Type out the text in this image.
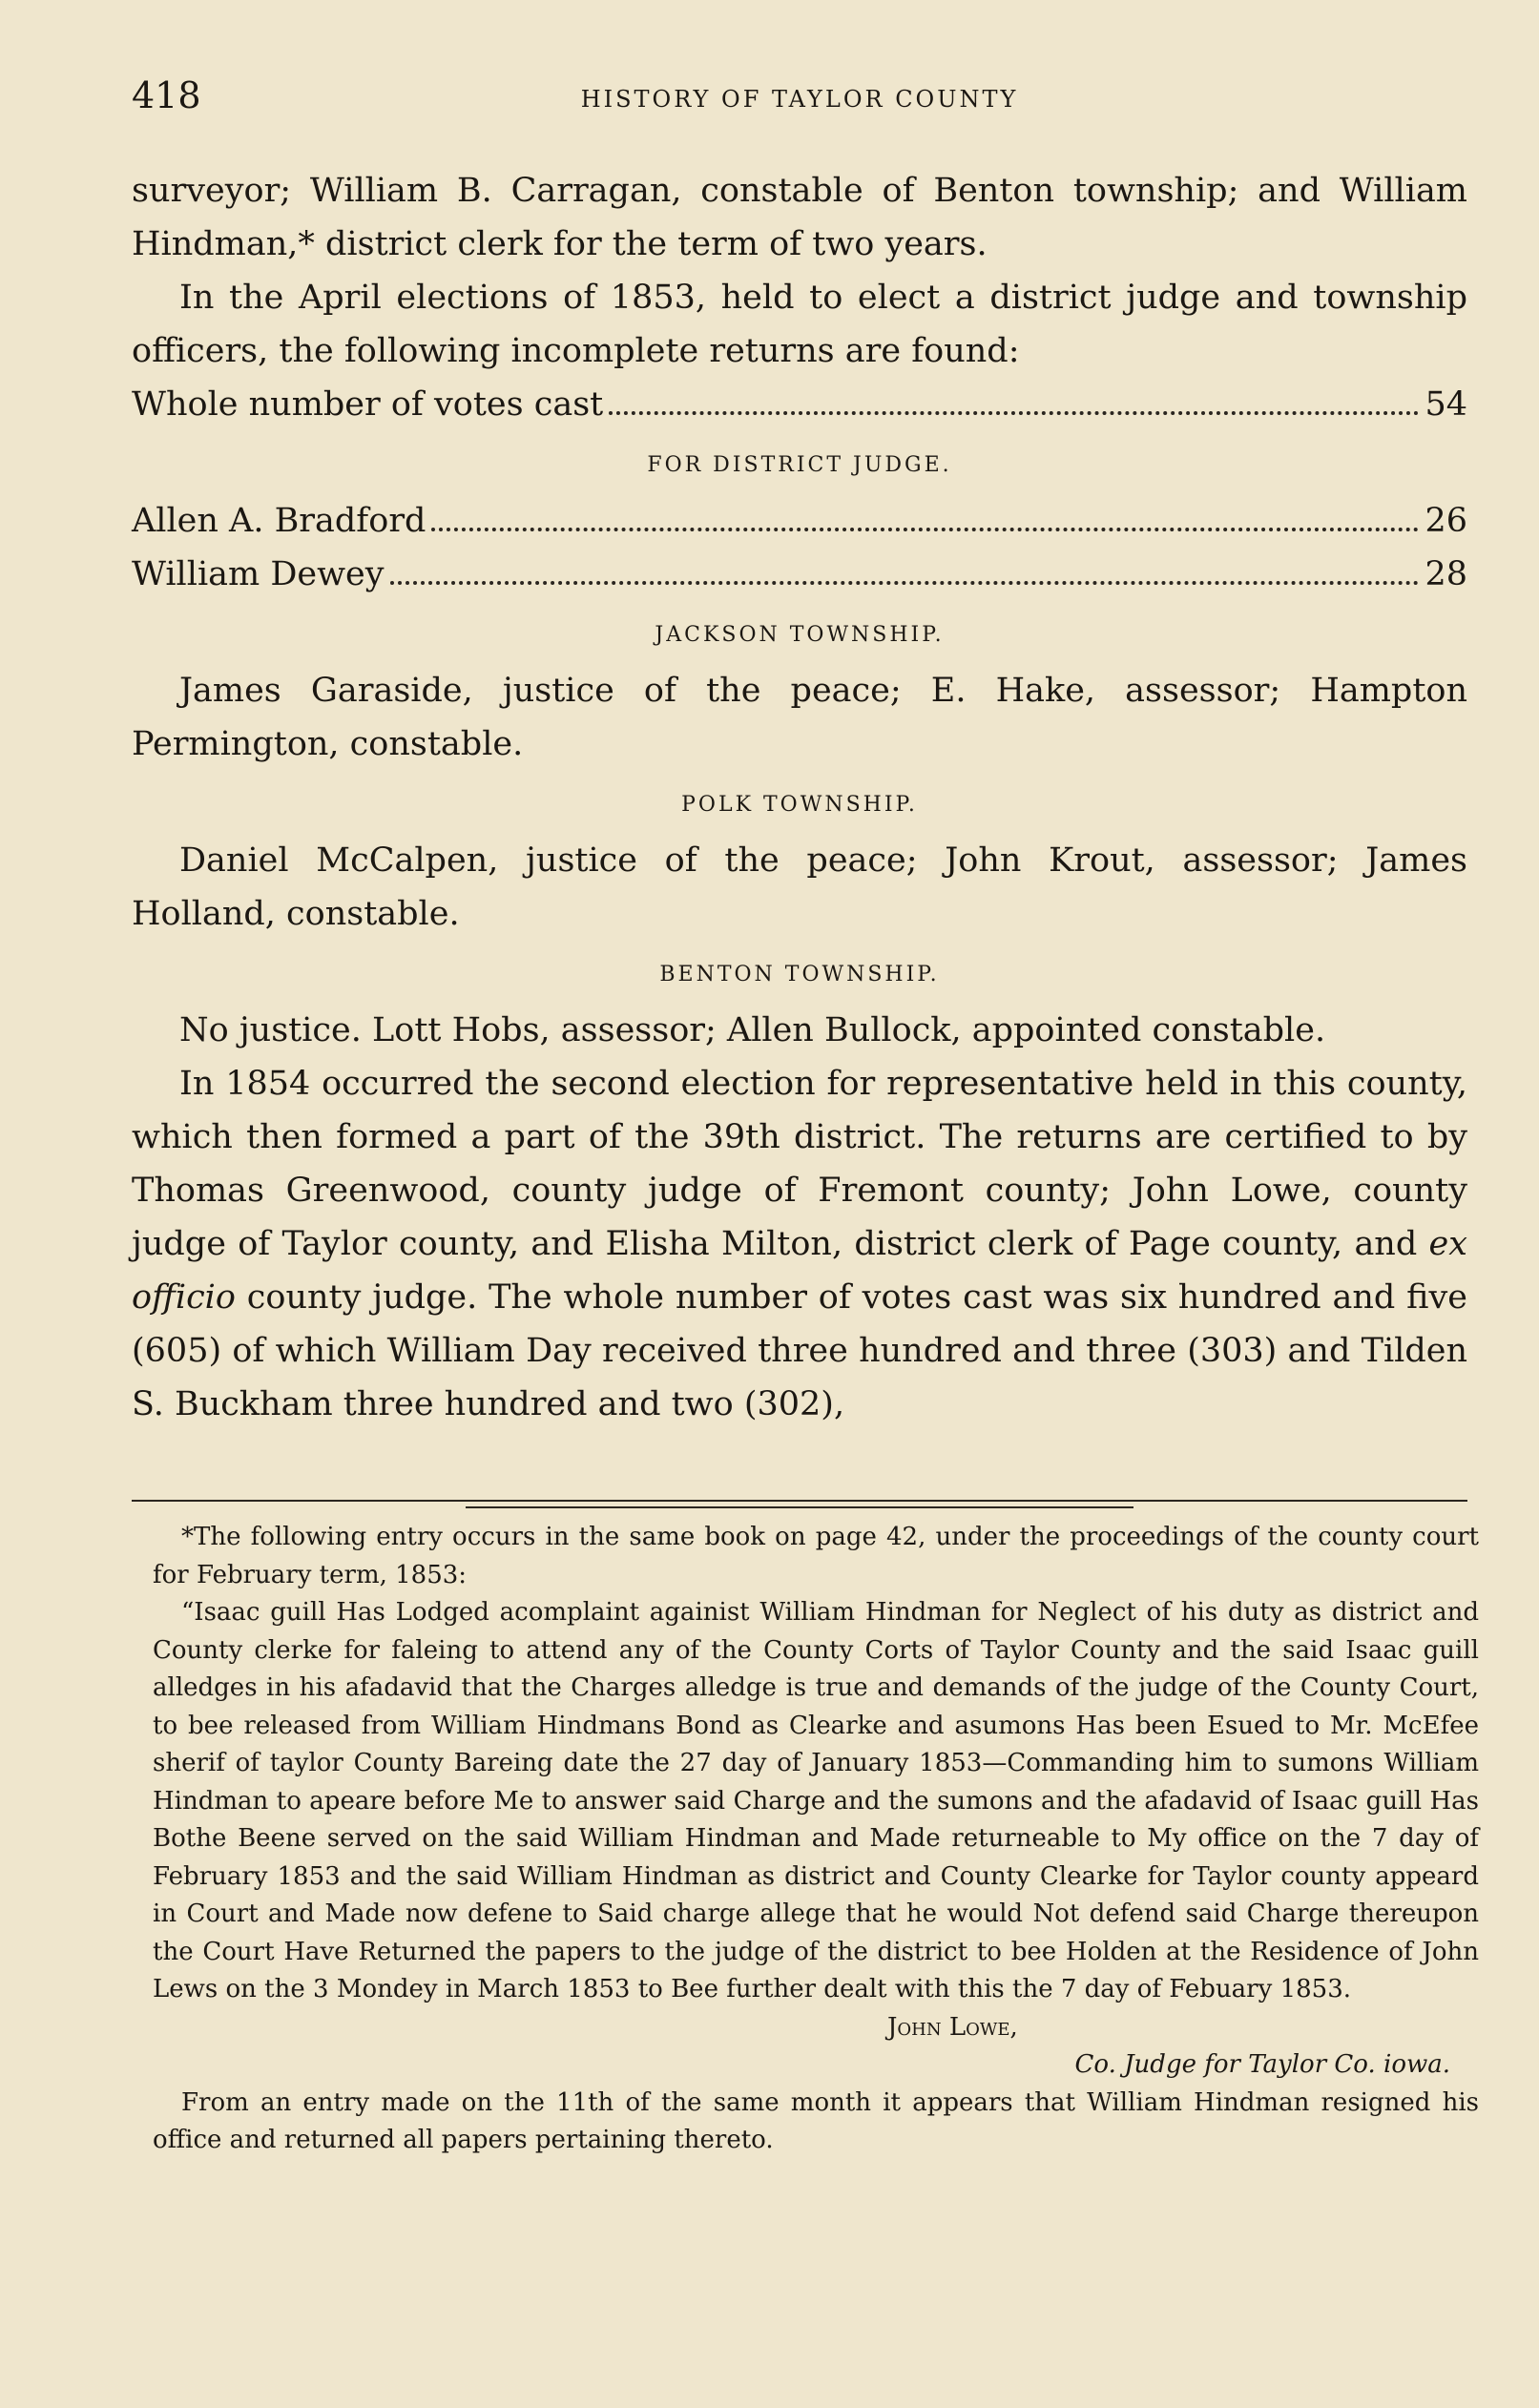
418	HISTORY OF TAYLOR COUNTY

surveyor; William B. Carragan, constable of Benton township; and William Hindman,* district clerk for the term of two years.

In the April elections of 1853, held to elect a district judge and township officers, the following incomplete returns are found:

Whole number of votes cast	54
FOR DISTRICT JUDGE.
Allen A. Bradford	26
William Dewey	28
JACKSON TOWNSHIP.

James Garaside, justice of the peace; E. Hake, assessor; Hampton Permington, constable.

POLK TOWNSHIP.

Daniel McCalpen, justice of the peace; John Krout, assessor; James Holland, constable.

BENTON TOWNSHIP.

No justice. Lott Hobs, assessor; Allen Bullock, appointed constable.

In 1854 occurred the second election for representative held in this county, which then formed a part of the 39th district. The returns are certified to by Thomas Greenwood, county judge of Fremont county; John Lowe, county judge of Taylor county, and Elisha Milton, district clerk of Page county, and ex officio county judge. The whole number of votes cast was six hundred and five (605) of which William Day received three hundred and three (303) and Tilden S. Buckham three hundred and two (302),

*The following entry occurs in the same book on page 42, under the proceedings of the county court for February term, 1853:

“Isaac guill Has Lodged acomplaint againist William Hindman for Neglect of his duty as district and County clerke for faleing to attend any of the County Corts of Taylor County and the said Isaac guill alledges in his afadavid that the Charges alledge is true and demands of the judge of the County Court, to bee released from William Hindmans Bond as Clearke and asumons Has been Esued to Mr. McEfee sherif of taylor County Bareing date the 27 day of January 1853—Commanding him to sumons William Hindman to apeare before Me to answer said Charge and the sumons and the afadavid of Isaac guill Has Bothe Beene served on the said William Hindman and Made returneable to My office on the 7 day of February 1853 and the said William Hindman as district and County Clearke for Taylor county appeard in Court and Made now defene to Said charge allege that he would Not defend said Charge thereupon the Court Have Returned the papers to the judge of the district to bee Holden at the Residence of John Lews on the 3 Mondey in March 1853 to Bee further dealt with this the 7 day of Febuary 1853.

John Lowe,
Co. Judge for Taylor Co. iowa.

From an entry made on the 11th of the same month it appears that William Hindman resigned his office and returned all papers pertaining thereto.
